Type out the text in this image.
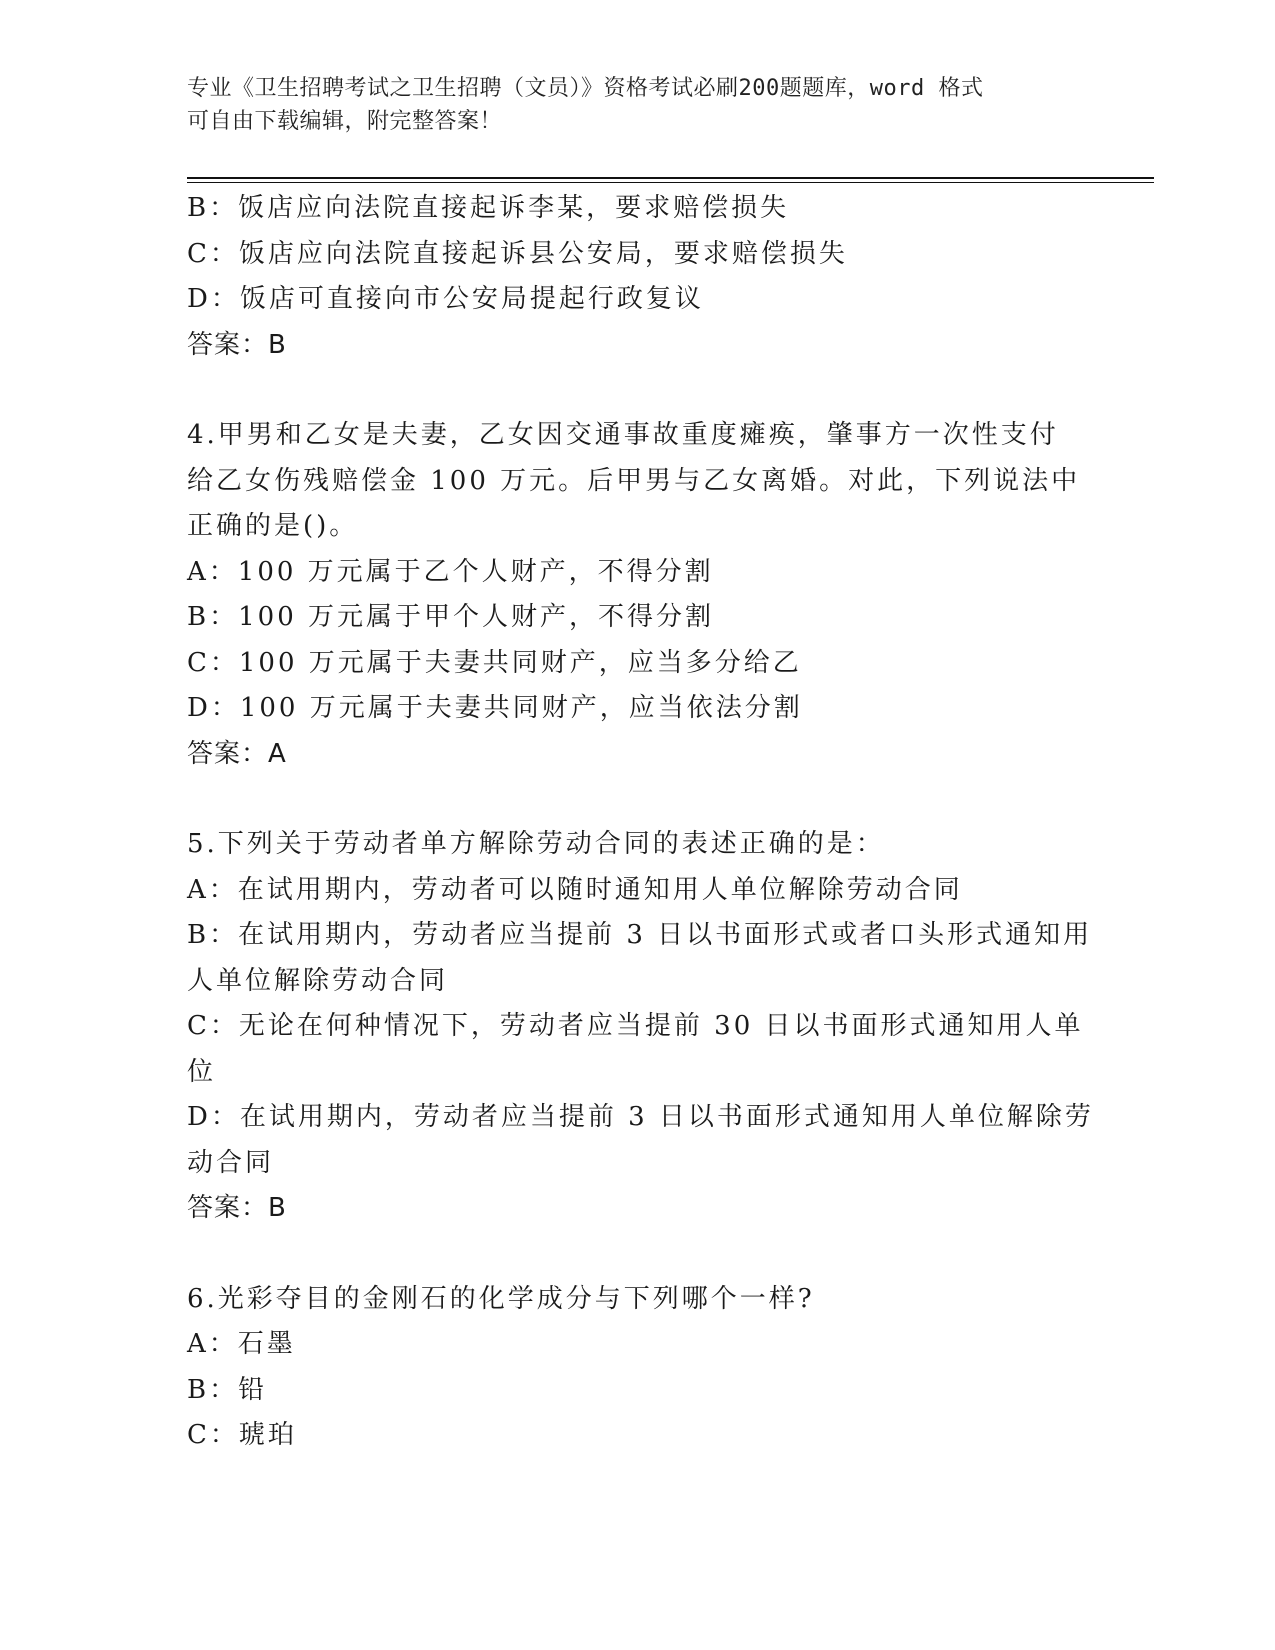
专业《卫生招聘考试之卫生招聘（文员）》资格考试必刷200题题库，word 格式
可自由下载编辑，附完整答案！
B：饭店应向法院直接起诉李某，要求赔偿损失
C：饭店应向法院直接起诉县公安局，要求赔偿损失
D：饭店可直接向市公安局提起行政复议
答案：B
4.甲男和乙女是夫妻，乙女因交通事故重度瘫痪，肇事方一次性支付
给乙女伤残赔偿金 100 万元。后甲男与乙女离婚。对此，下列说法中
正确的是()。
A：100 万元属于乙个人财产，不得分割
B：100 万元属于甲个人财产，不得分割
C：100 万元属于夫妻共同财产，应当多分给乙
D：100 万元属于夫妻共同财产，应当依法分割
答案：A
5.下列关于劳动者单方解除劳动合同的表述正确的是：
A：在试用期内，劳动者可以随时通知用人单位解除劳动合同
B：在试用期内，劳动者应当提前 3 日以书面形式或者口头形式通知用
人单位解除劳动合同
C：无论在何种情况下，劳动者应当提前 30 日以书面形式通知用人单
位
D：在试用期内，劳动者应当提前 3 日以书面形式通知用人单位解除劳
动合同
答案：B
6.光彩夺目的金刚石的化学成分与下列哪个一样?
A：石墨
B：铅
C：琥珀
